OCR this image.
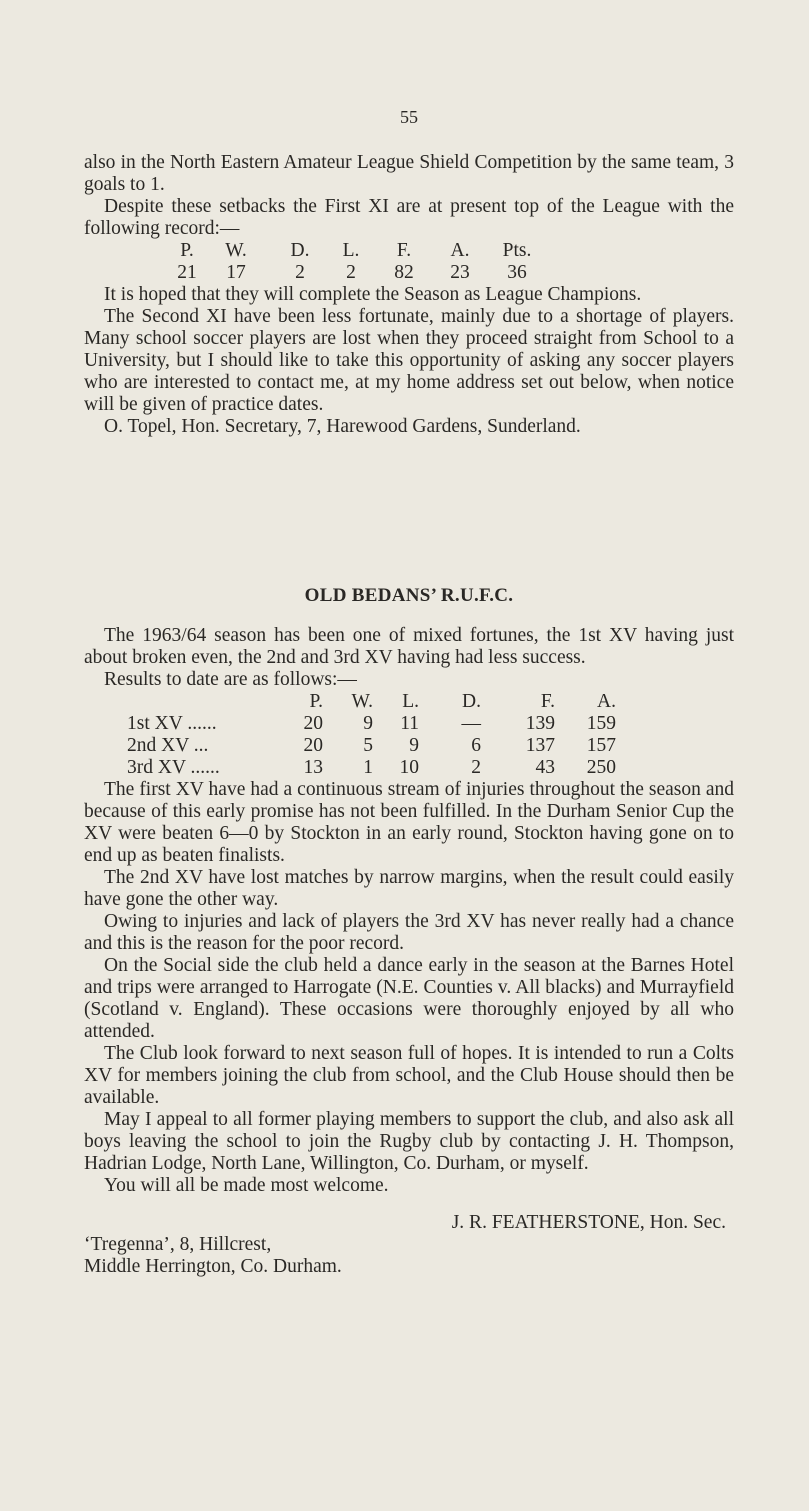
55

also in the North Eastern Amateur League Shield Competition by the same team, 3 goals to 1.

Despite these setbacks the First XI are at present top of the League with the following record:—

P.	W.	D.	L.	F.	A.	Pts.
21	17	2	2	82	23	36

It is hoped that they will complete the Season as League Champions.

The Second XI have been less fortunate, mainly due to a shortage of players. Many school soccer players are lost when they proceed straight from School to a University, but I should like to take this opportunity of asking any soccer players who are interested to contact me, at my home address set out below, when notice will be given of practice dates.

O. Topel, Hon. Secretary, 7, Harewood Gardens, Sunderland.

OLD BEDANS’ R.U.F.C.

The 1963/64 season has been one of mixed fortunes, the 1st XV having just about broken even, the 2nd and 3rd XV having had less success.

Results to date are as follows:—

	P.	W.	L.	D.	F.	A.
1st XV ......	20	9	11	—	139	159
2nd XV ...	20	5	9	6	137	157
3rd XV ......	13	1	10	2	43	250

The first XV have had a continuous stream of injuries throughout the season and because of this early promise has not been fulfilled. In the Durham Senior Cup the XV were beaten 6—0 by Stockton in an early round, Stockton having gone on to end up as beaten finalists.

The 2nd XV have lost matches by narrow margins, when the result could easily have gone the other way.

Owing to injuries and lack of players the 3rd XV has never really had a chance and this is the reason for the poor record.

On the Social side the club held a dance early in the season at the Barnes Hotel and trips were arranged to Harrogate (N.E. Counties v. All blacks) and Murrayfield (Scotland v. England). These occasions were thoroughly enjoyed by all who attended.

The Club look forward to next season full of hopes. It is intended to run a Colts XV for members joining the club from school, and the Club House should then be available.

May I appeal to all former playing members to support the club, and also ask all boys leaving the school to join the Rugby club by contacting J. H. Thompson, Hadrian Lodge, North Lane, Willington, Co. Durham, or myself.

You will all be made most welcome.

J. R. FEATHERSTONE, Hon. Sec.

‘Tregenna’, 8, Hillcrest,

Middle Herrington, Co. Durham.
